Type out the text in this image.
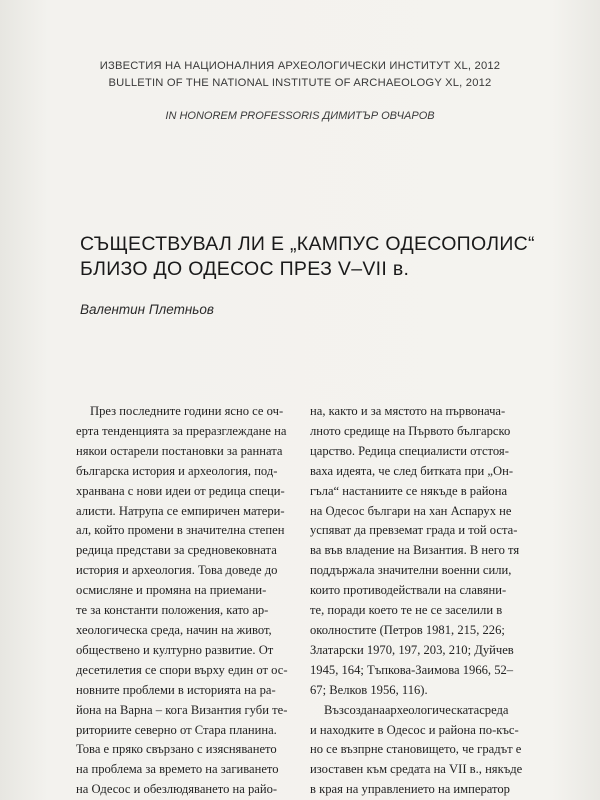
ИЗВЕСТИЯ НА НАЦИОНАЛНИЯ АРХЕОЛОГИЧЕСКИ ИНСТИТУТ XL, 2012
BULLETIN OF THE NATIONAL INSTITUTE OF ARCHAEOLOGY XL, 2012
IN HONOREM PROFESSORIS ДИМИТЪР ОВЧАРОВ
СЪЩЕСТВУВАЛ ЛИ Е „КАМПУС ОДЕСОПОЛИС“
БЛИЗО ДО ОДЕСОС ПРЕЗ V–VII в.
Валентин Плетньов
През последните години ясно се оч-
ерта тенденцията за преразглеждане на
някои остарели постановки за ранната
българска история и археология, под-
хранвана с нови идеи от редица специ-
алисти. Натрупа се емпиричен матери-
ал, който промени в значителна степен
редица представи за средновековната
история и археология. Това доведе до
осмисляне и промяна на приемани-
те за константи положения, като ар-
хеологическа среда, начин на живот,
обществено и културно развитие. От
десетилетия се спори върху един от ос-
новните проблеми в историята на ра-
йона на Варна – кога Византия губи те-
риториите северно от Стара планина.
Това е пряко свързано с изясняването
на проблема за времето на загиването
на Одесос и обезлюдяването на райо-
на, както и за мястото на първонача-
лното средище на Първото българско
царство. Редица специалисти отстоя-
ваха идеята, че след битката при „Он-
гъла“ настаниите се някъде в района
на Одесос българи на хан Аспарух не
успяват да превземат града и той оста-
ва във владение на Византия. В него тя
поддържала значителни военни сили,
които противодействали на славяни-
те, поради което те не се заселили в
околностите (Петров 1981, 215, 226;
Златарски 1970, 197, 203, 210; Дуйчев
1945, 164; Тъпкова-Заимова 1966, 52–
67; Велков 1956, 116).
Възсозданаархеологическатасреда
и находките в Одесос и района по-къс-
но се възпрне становището, че градът е
изоставен към средата на VII в., някъде
в края на управлението на император
